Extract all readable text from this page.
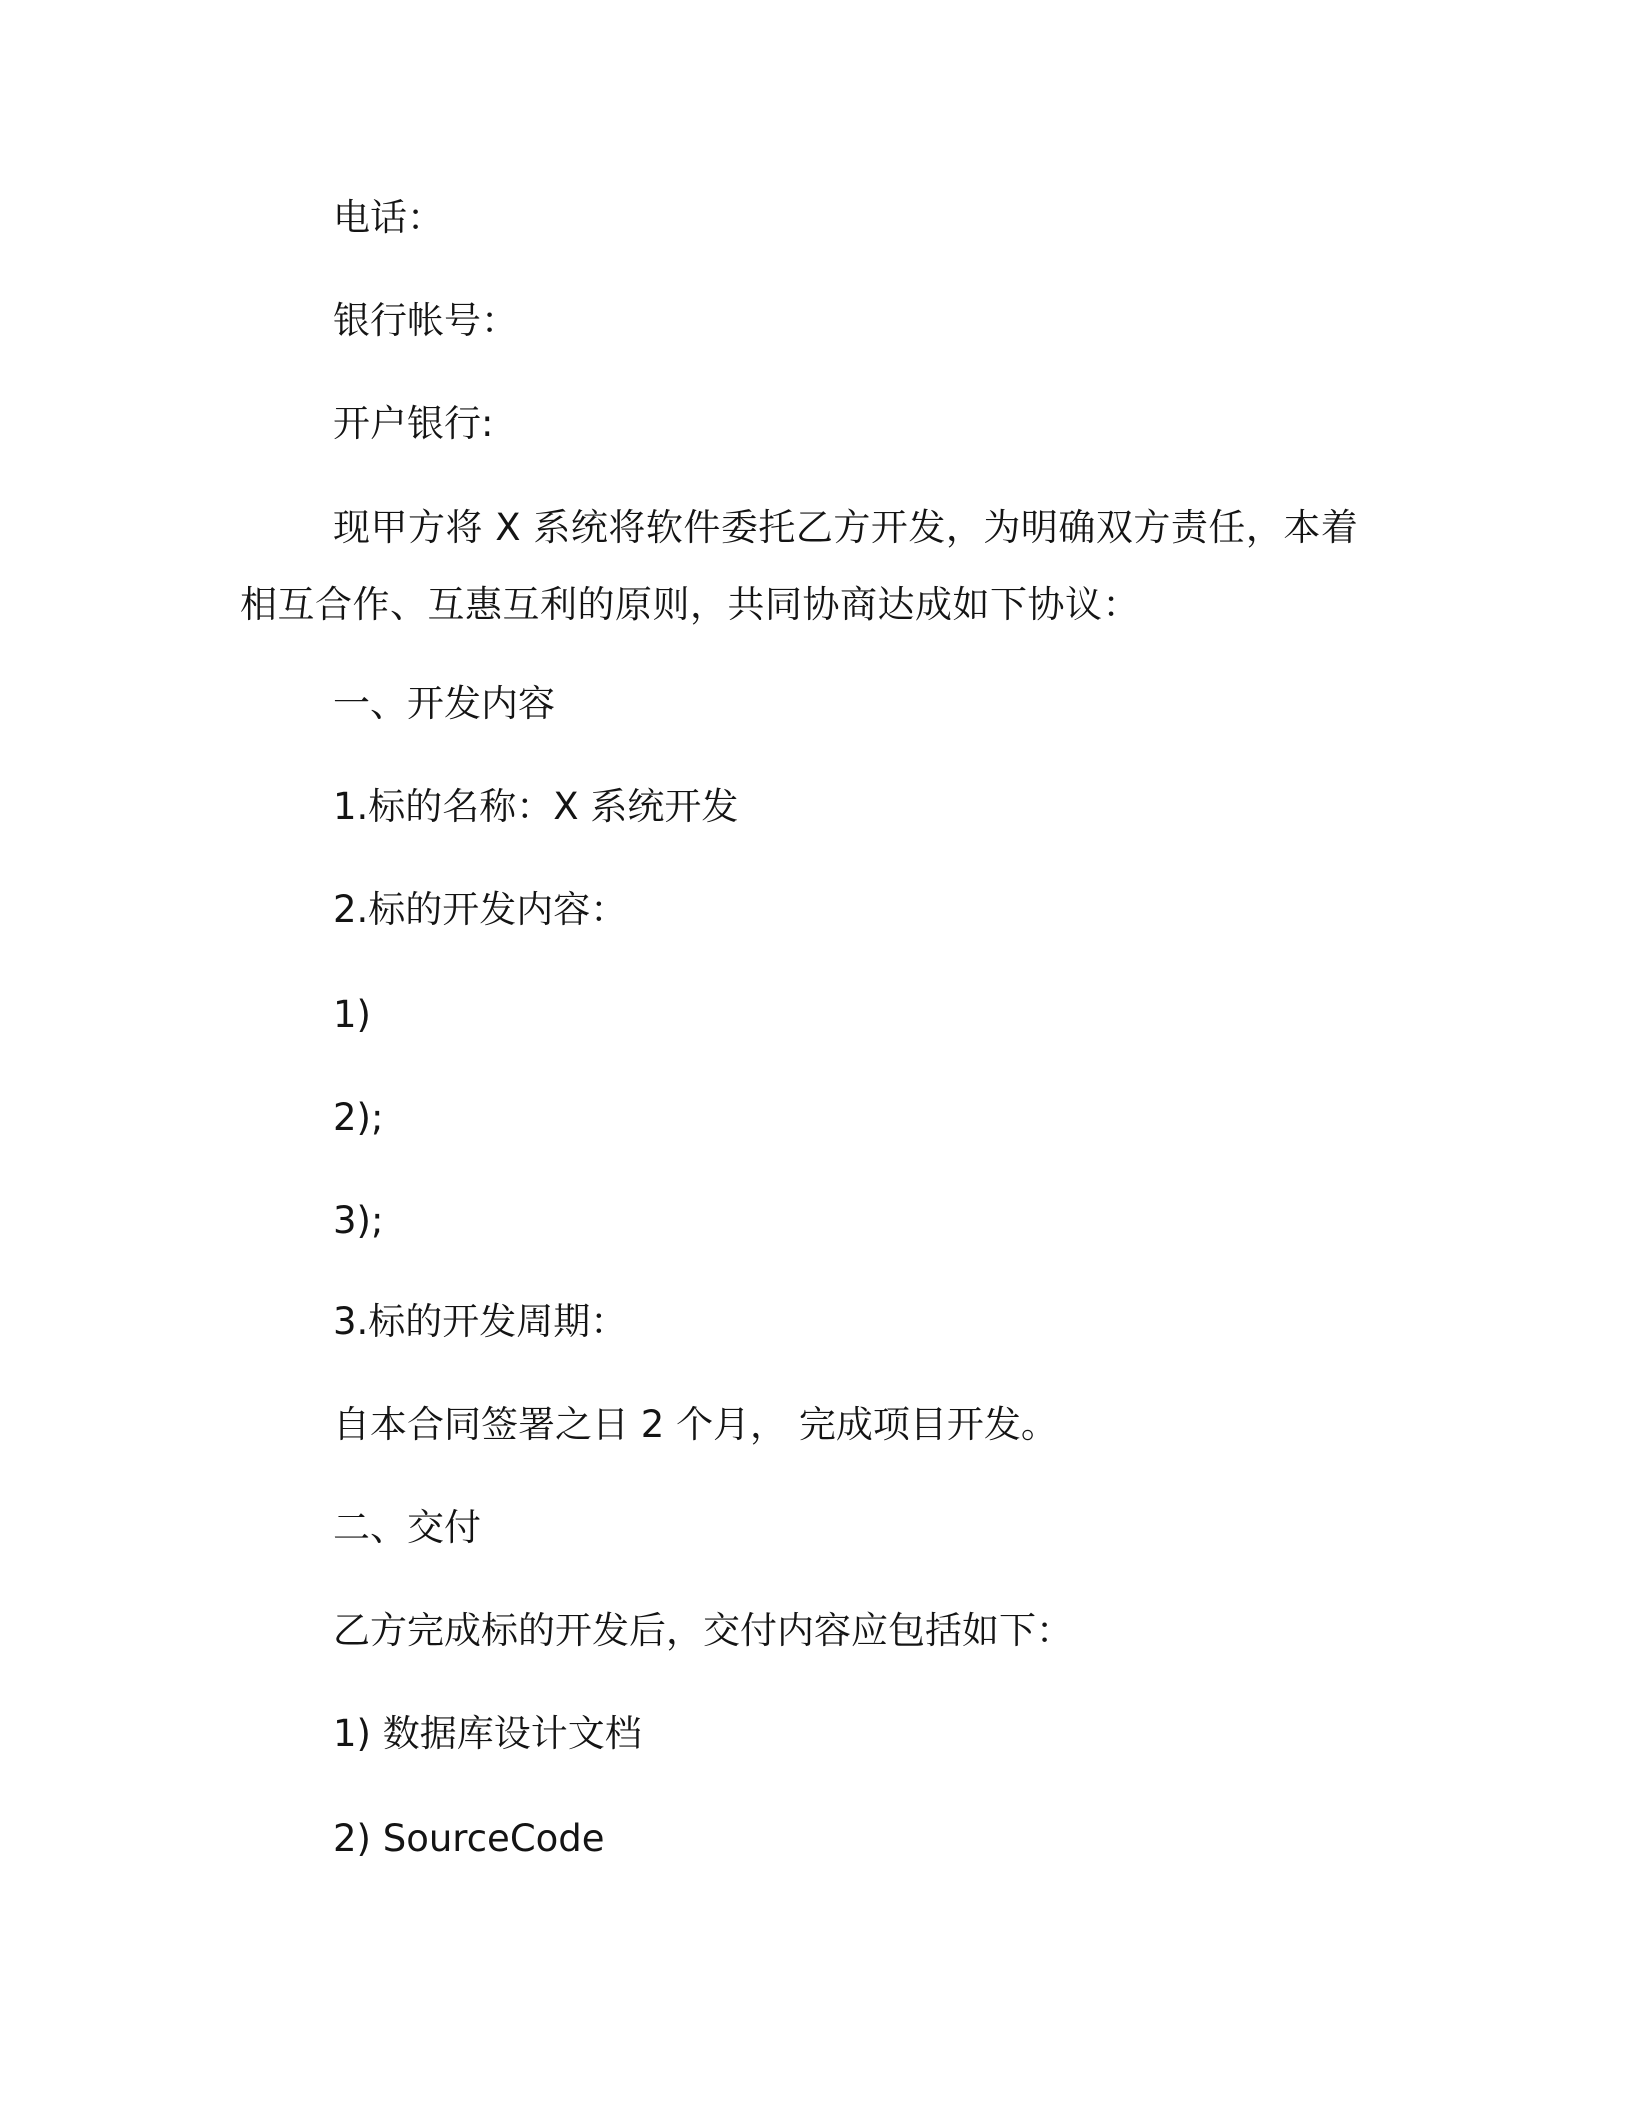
电话：

银行帐号：

开户银行:

现甲方将 X 系统将软件委托乙方开发，为明确双方责任，本着相互合作、互惠互利的原则，共同协商达成如下协议：

一、开发内容

1.标的名称：X 系统开发

2.标的开发内容：

1)

2);

3);

3.标的开发周期：

自本合同签署之日 2 个月， 完成项目开发。

二、交付

乙方完成标的开发后，交付内容应包括如下：

1) 数据库设计文档

2) SourceCode
